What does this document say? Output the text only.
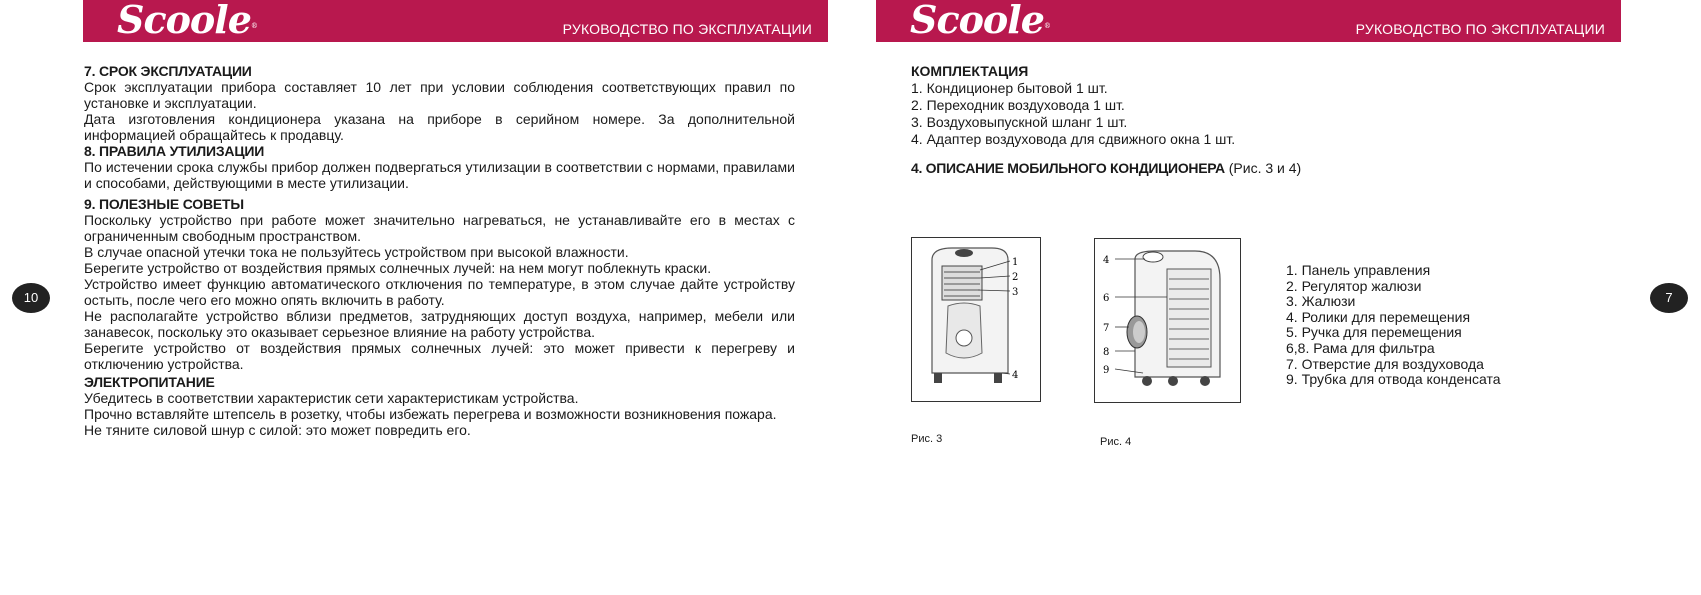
Scoole®	РУКОВОДСТВО ПО ЭКСПЛУАТАЦИИ	Scoole®	РУКОВОДСТВО ПО ЭКСПЛУАТАЦИИ
10	7
7. СРОК ЭКСПЛУАТАЦИИ

Срок эксплуатации прибора составляет 10 лет при условии соблюдения соответствующих правил по установке и эксплуатации.

Дата изготовления кондиционера указана на приборе в серийном номере. За дополнительной информацией обращайтесь к продавцу.

8. ПРАВИЛА УТИЛИЗАЦИИ

По истечении срока службы прибор должен подвергаться утилизации в соответствии с нормами, правилами и способами, действующими в месте утилизации.

9. ПОЛЕЗНЫЕ СОВЕТЫ

Поскольку устройство при работе может значительно нагреваться, не устанавливайте его в местах с ограниченным свободным пространством.

В случае опасной утечки тока не пользуйтесь устройством при высокой влажности.

Берегите устройство от воздействия прямых солнечных лучей: на нем могут поблекнуть краски.

Устройство имеет функцию автоматического отключения по температуре, в этом случае дайте устройству остыть, после чего его можно опять включить в работу.

Не располагайте устройство вблизи предметов, затрудняющих доступ воздуха, например, мебели или занавесок, поскольку это оказывает серьезное влияние на работу устройства.

Берегите устройство от воздействия прямых солнечных лучей: это может привести к перегреву и отключению устройства.

ЭЛЕКТРОПИТАНИЕ

Убедитесь в соответствии характеристик сети характеристикам устройства.

Прочно вставляйте штепсель в розетку, чтобы избежать перегрева и возможности возникновения пожара.

Не тяните силовой шнур с силой: это может повредить его.

КОМПЛЕКТАЦИЯ
1. Кондиционер бытовой 1 шт.
2. Переходник воздуховода 1 шт.
3. Воздуховыпускной шланг 1 шт.
4. Адаптер воздуховода для сдвижного окна 1 шт.
4. ОПИСАНИЕ МОБИЛЬНОГО КОНДИЦИОНЕРА (Рис. 3 и 4)
1
2
3
4
Рис. 3
4
6
7
8
9
Рис. 4
1. Панель управления
2. Регулятор жалюзи
3. Жалюзи
4. Ролики для перемещения
5. Ручка для перемещения
6,8. Рама для фильтра
7. Отверстие для воздуховода
9. Трубка для отвода конденсата
